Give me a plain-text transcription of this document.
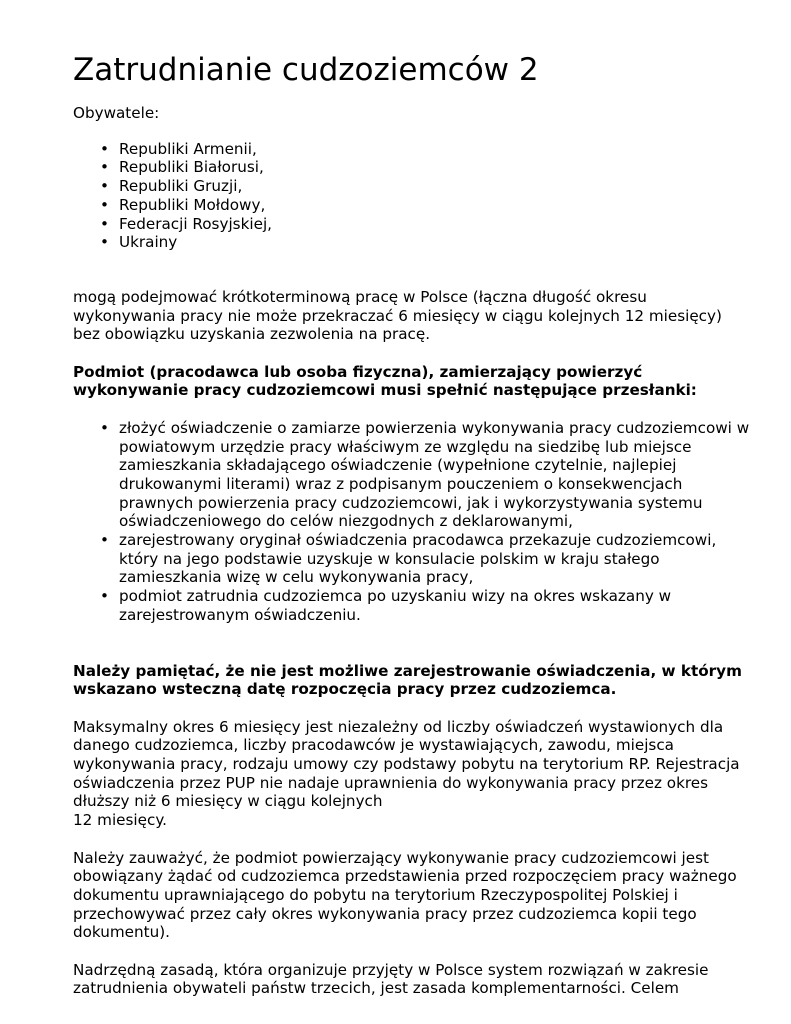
Zatrudnianie cudzoziemców 2

Obywatele:

• Republiki Armenii,
• Republiki Białorusi,
• Republiki Gruzji,
• Republiki Mołdowy,
• Federacji Rosyjskiej,
• Ukrainy

mogą podejmować krótkoterminową pracę w Polsce (łączna długość okresu wykonywania pracy nie może przekraczać 6 miesięcy w ciągu kolejnych 12 miesięcy) bez obowiązku uzyskania zezwolenia na pracę.

Podmiot (pracodawca lub osoba fizyczna), zamierzający powierzyć wykonywanie pracy cudzoziemcowi musi spełnić następujące przesłanki:

• złożyć oświadczenie o zamiarze powierzenia wykonywania pracy cudzoziemcowi w powiatowym urzędzie pracy właściwym ze względu na siedzibę lub miejsce zamieszkania składającego oświadczenie (wypełnione czytelnie, najlepiej drukowanymi literami) wraz z podpisanym pouczeniem o konsekwencjach prawnych powierzenia pracy cudzoziemcowi, jak i wykorzystywania systemu oświadczeniowego do celów niezgodnych z deklarowanymi,
• zarejestrowany oryginał oświadczenia pracodawca przekazuje cudzoziemcowi, który na jego podstawie uzyskuje w konsulacie polskim w kraju stałego zamieszkania wizę w celu wykonywania pracy,
• podmiot zatrudnia cudzoziemca po uzyskaniu wizy na okres wskazany w zarejestrowanym oświadczeniu.

Należy pamiętać, że nie jest możliwe zarejestrowanie oświadczenia, w którym wskazano wsteczną datę rozpoczęcia pracy przez cudzoziemca.

Maksymalny okres 6 miesięcy jest niezależny od liczby oświadczeń wystawionych dla danego cudzoziemca, liczby pracodawców je wystawiających, zawodu, miejsca wykonywania pracy, rodzaju umowy czy podstawy pobytu na terytorium RP. Rejestracja oświadczenia przez PUP nie nadaje uprawnienia do wykonywania pracy przez okres dłuższy niż 6 miesięcy w ciągu kolejnych

12 miesięcy.

Należy zauważyć, że podmiot powierzający wykonywanie pracy cudzoziemcowi jest obowiązany żądać od cudzoziemca przedstawienia przed rozpoczęciem pracy ważnego dokumentu uprawniającego do pobytu na terytorium Rzeczypospolitej Polskiej i przechowywać przez cały okres wykonywania pracy przez cudzoziemca kopii tego dokumentu).

Nadrzędną zasadą, która organizuje przyjęty w Polsce system rozwiązań w zakresie zatrudnienia obywateli państw trzecich, jest zasada komplementarności. Celem
